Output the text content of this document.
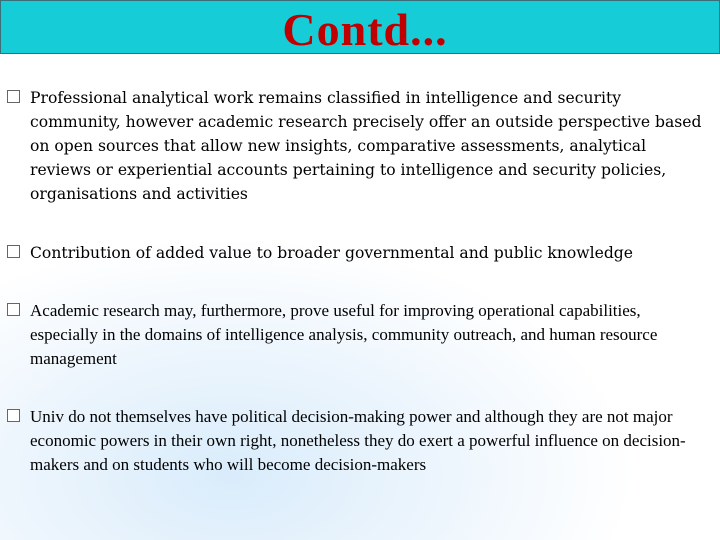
Contd...
Professional analytical work remains classified in intelligence and security community, however academic research precisely offer an outside perspective based on open sources that allow new insights, comparative assessments, analytical reviews or experiential accounts pertaining to intelligence and security policies, organisations and activities
Contribution of added value to broader governmental and public knowledge
Academic research may, furthermore, prove useful for improving operational capabilities, especially in the domains of intelligence analysis, community outreach, and human resource management
Univ do not themselves have political decision-making power and although they are not major economic powers in their own right, nonetheless they do exert a powerful influence on decision-makers and on students who will become decision-makers
